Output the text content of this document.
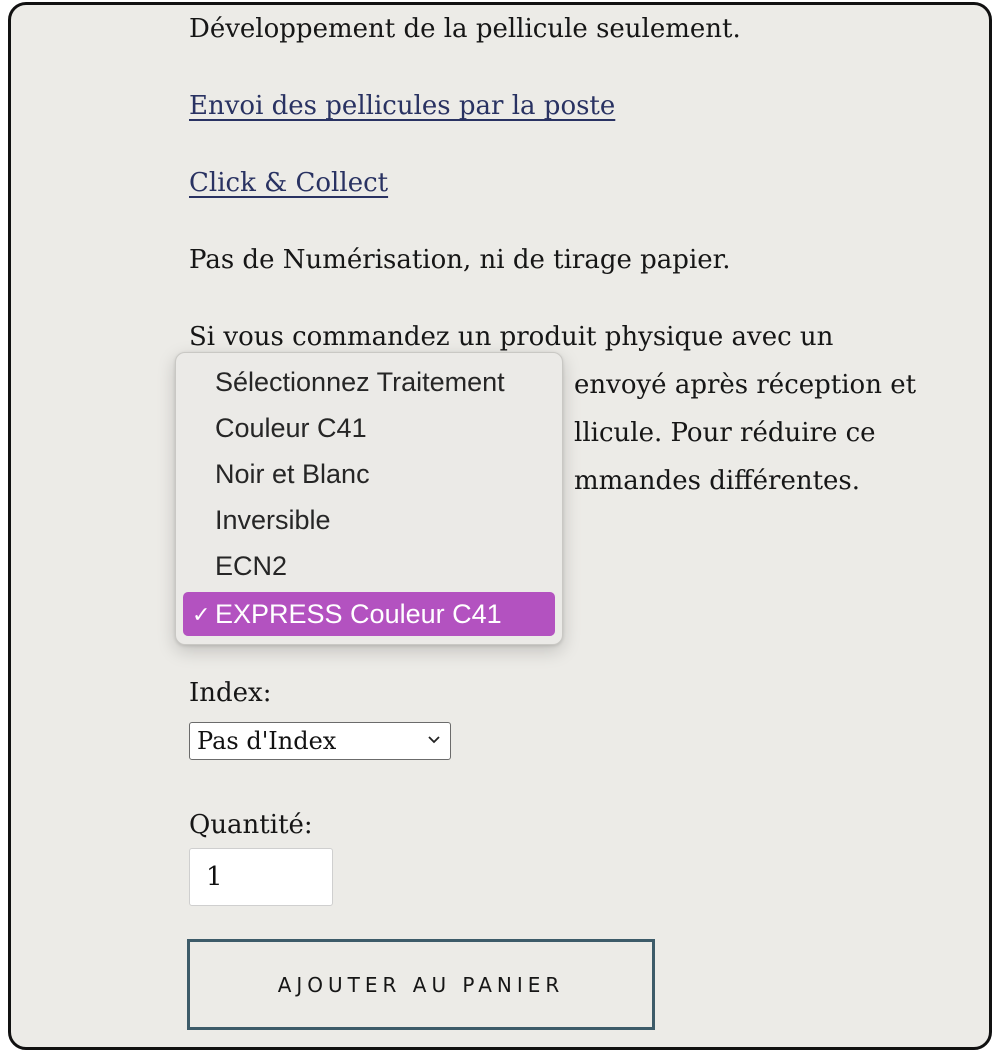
Développement de la pellicule seulement.
Envoi des pellicules par la poste
Click & Collect
Pas de Numérisation, ni de tirage papier.
Si vous commandez un produit physique avec un
envoyé après réception et
llicule. Pour réduire ce
mmandes différentes.
Index:
Pas d'Index
Quantité:
1
AJOUTER AU PANIER
Sélectionnez Traitement
Couleur C41
Noir et Blanc
Inversible
ECN2
✓ EXPRESS Couleur C41
